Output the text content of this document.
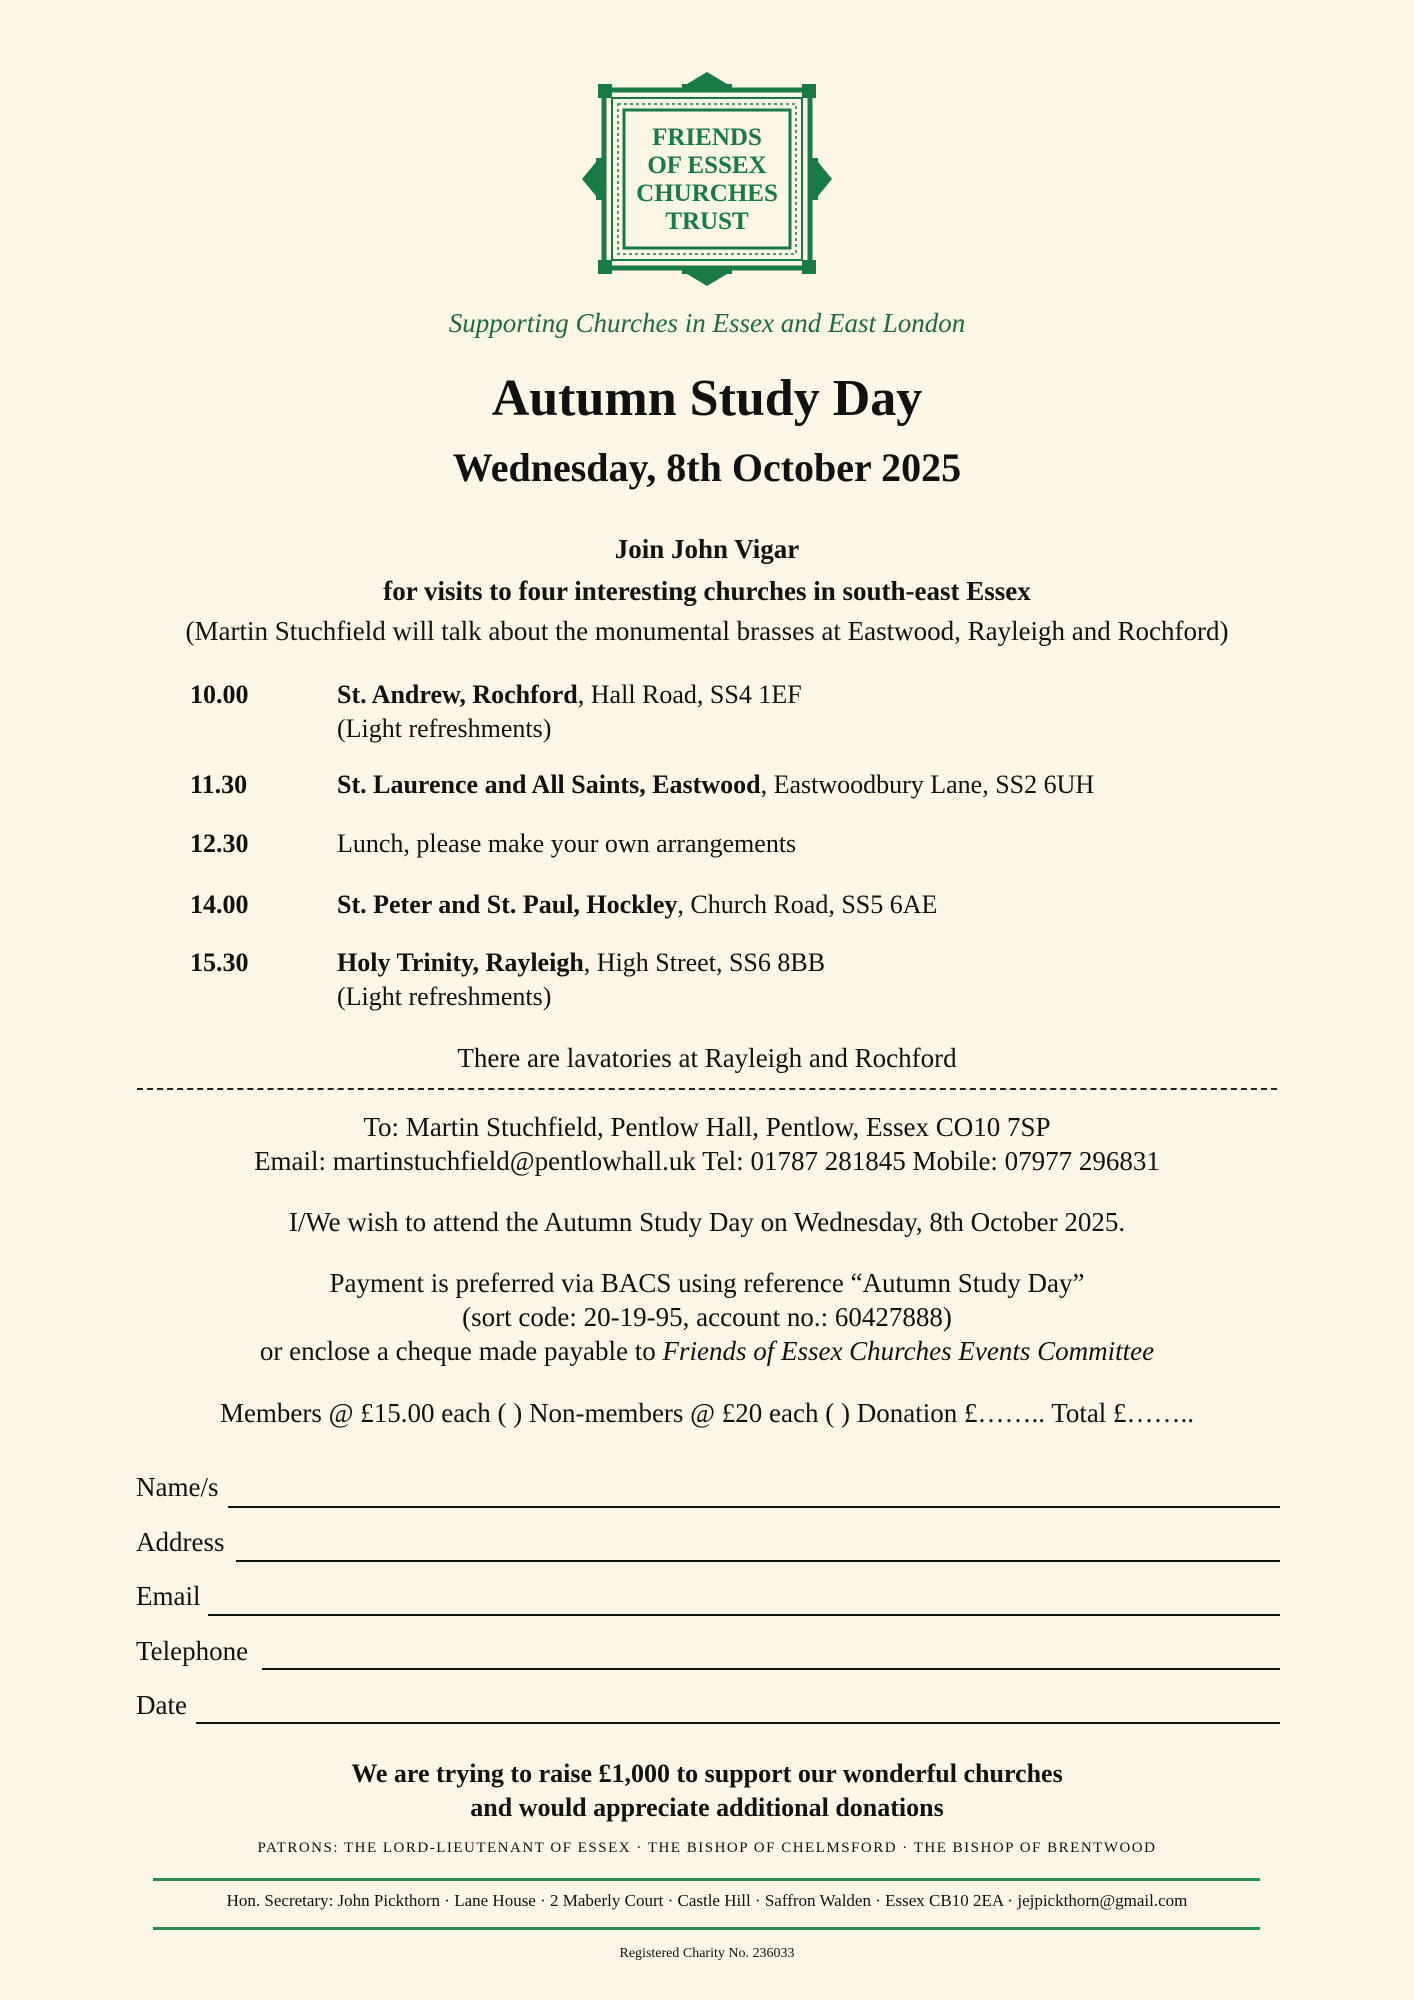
FRIENDS
OF ESSEX
CHURCHES
TRUST
Supporting Churches in Essex and East London
Autumn Study Day
Wednesday, 8th October 2025
Join John Vigar
for visits to four interesting churches in south-east Essex
(Martin Stuchfield will talk about the monumental brasses at Eastwood, Rayleigh and Rochford)
10.00	St. Andrew, Rochford, Hall Road, SS4 1EF
(Light refreshments)
11.30	St. Laurence and All Saints, Eastwood, Eastwoodbury Lane, SS2 6UH
12.30	Lunch, please make your own arrangements
14.00	St. Peter and St. Paul, Hockley, Church Road, SS5 6AE
15.30	Holy Trinity, Rayleigh, High Street, SS6 8BB
(Light refreshments)
There are lavatories at Rayleigh and Rochford
To: Martin Stuchfield, Pentlow Hall, Pentlow, Essex CO10 7SP
Email: martinstuchfield@pentlowhall.uk Tel: 01787 281845 Mobile: 07977 296831
I/We wish to attend the Autumn Study Day on Wednesday, 8th October 2025.
Payment is preferred via BACS using reference “Autumn Study Day”
(sort code: 20-19-95, account no.: 60427888)
or enclose a cheque made payable to Friends of Essex Churches Events Committee
Members @ £15.00 each ( ) Non-members @ £20 each ( ) Donation £…….. Total £……..
Name/s
Address
Email
Telephone
Date
We are trying to raise £1,000 to support our wonderful churches
and would appreciate additional donations
PATRONS: THE LORD-LIEUTENANT OF ESSEX · THE BISHOP OF CHELMSFORD · THE BISHOP OF BRENTWOOD
Hon. Secretary: John Pickthorn · Lane House · 2 Maberly Court · Castle Hill · Saffron Walden · Essex CB10 2EA · jejpickthorn@gmail.com
Registered Charity No. 236033
